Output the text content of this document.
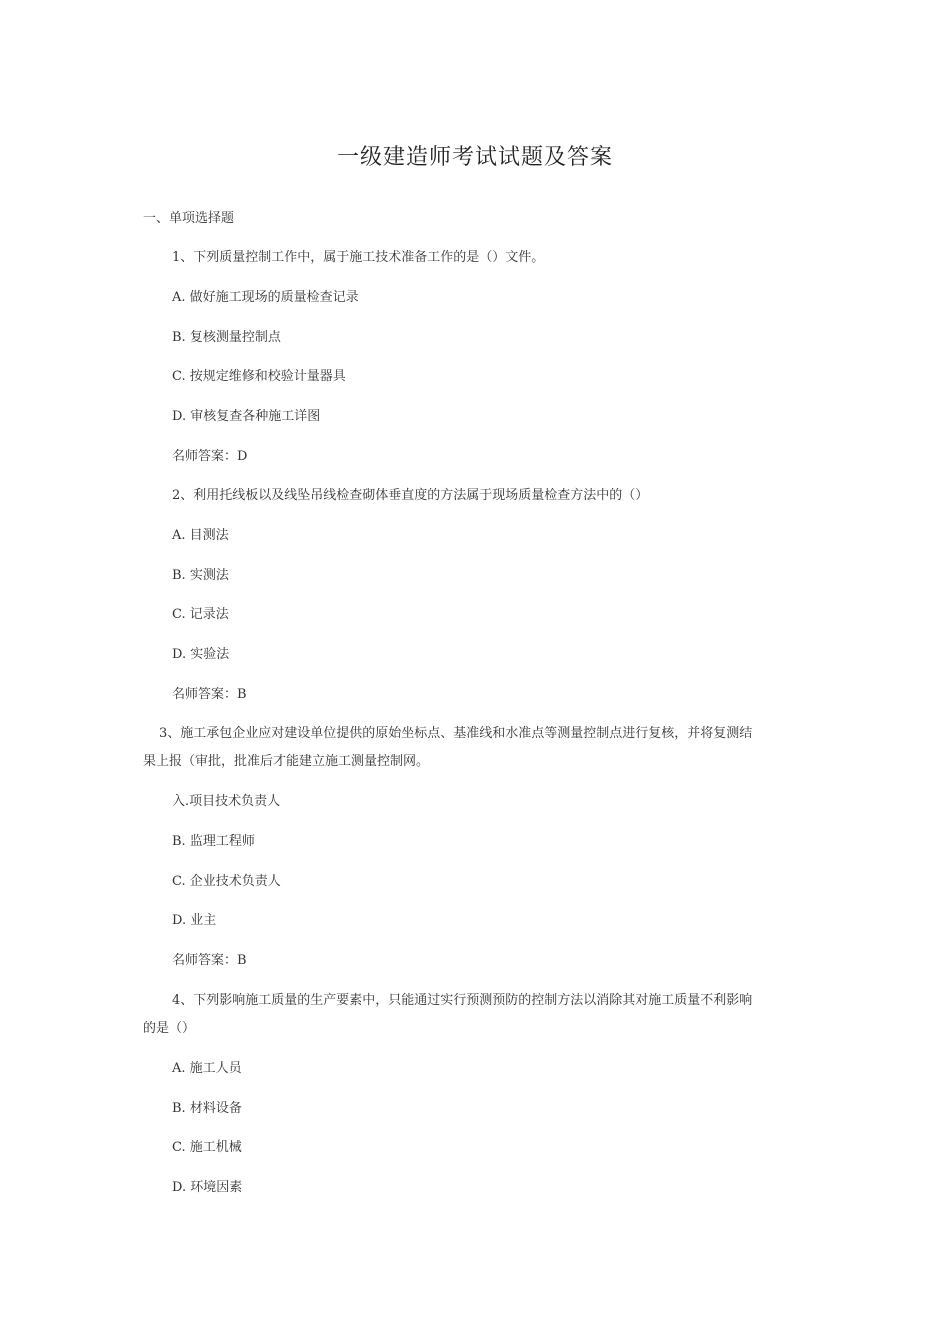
一级建造师考试试题及答案
一、单项选择题
1、下列质量控制工作中，属于施工技术准备工作的是（）文件。
A. 做好施工现场的质量检查记录
B. 复核测量控制点
C. 按规定维修和校验计量器具
D. 审核复查各种施工详图
名师答案：D
2、利用托线板以及线坠吊线检查砌体垂直度的方法属于现场质量检查方法中的（）
A. 目测法
B. 实测法
C. 记录法
D. 实验法
名师答案：B
3、施工承包企业应对建设单位提供的原始坐标点、基准线和水准点等测量控制点进行复核，并将复测结
果上报（审批，批准后才能建立施工测量控制网。
入.项目技术负责人
B. 监理工程师
C. 企业技术负责人
D. 业主
名师答案：B
4、下列影响施工质量的生产要素中，只能通过实行预测预防的控制方法以消除其对施工质量不利影响
的是（）
A. 施工人员
B. 材料设备
C. 施工机械
D. 环境因素
